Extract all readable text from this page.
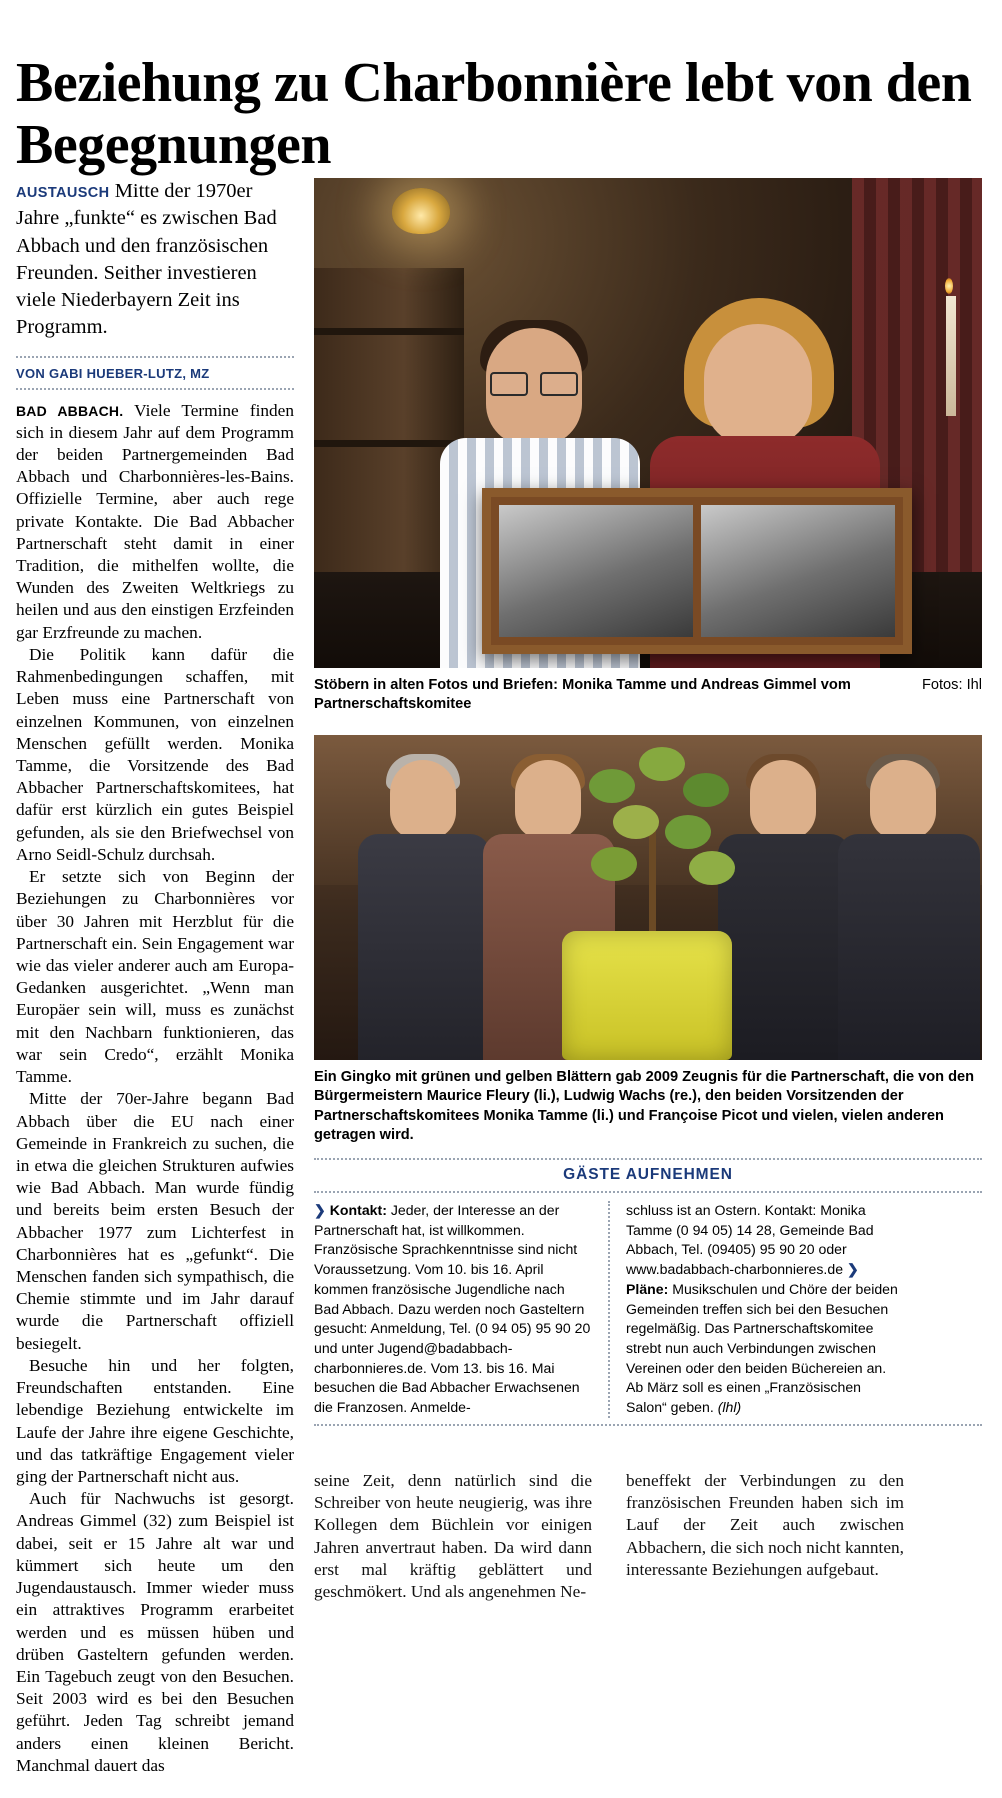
Beziehung zu Charbonnière lebt von den Begegnungen
AUSTAUSCH Mitte der 1970er Jahre „funkte“ es zwischen Bad Abbach und den französischen Freunden. Seither investieren viele Niederbayern Zeit ins Programm.
VON GABI HUEBER-LUTZ, MZ

BAD ABBACH. Viele Termine finden sich in diesem Jahr auf dem Programm der beiden Partnergemeinden Bad Abbach und Charbonnières-les-Bains. Offizielle Termine, aber auch rege private Kontakte. Die Bad Abbacher Partnerschaft steht damit in einer Tradition, die mithelfen wollte, die Wunden des Zweiten Weltkriegs zu heilen und aus den einstigen Erzfeinden gar Erzfreunde zu machen.

Die Politik kann dafür die Rahmenbedingungen schaffen, mit Leben muss eine Partnerschaft von einzelnen Kommunen, von einzelnen Menschen gefüllt werden. Monika Tamme, die Vorsitzende des Bad Abbacher Partnerschaftskomitees, hat dafür erst kürzlich ein gutes Beispiel gefunden, als sie den Briefwechsel von Arno Seidl-Schulz durchsah.

Er setzte sich von Beginn der Beziehungen zu Charbonnières vor über 30 Jahren mit Herzblut für die Partnerschaft ein. Sein Engagement war wie das vieler anderer auch am Europa-Gedanken ausgerichtet. „Wenn man Europäer sein will, muss es zunächst mit den Nachbarn funktionieren, das war sein Credo“, erzählt Monika Tamme.

Mitte der 70er-Jahre begann Bad Abbach über die EU nach einer Gemeinde in Frankreich zu suchen, die in etwa die gleichen Strukturen aufwies wie Bad Abbach. Man wurde fündig und bereits beim ersten Besuch der Abbacher 1977 zum Lichterfest in Charbonnières hat es „gefunkt“. Die Menschen fanden sich sympathisch, die Chemie stimmte und im Jahr darauf wurde die Partnerschaft offiziell besiegelt.

Besuche hin und her folgten, Freundschaften entstanden. Eine lebendige Beziehung entwickelte im Laufe der Jahre ihre eigene Geschichte, und das tatkräftige Engagement vieler ging der Partnerschaft nicht aus.

Auch für Nachwuchs ist gesorgt. Andreas Gimmel (32) zum Beispiel ist dabei, seit er 15 Jahre alt war und kümmert sich heute um den Jugendaustausch. Immer wieder muss ein attraktives Programm erarbeitet werden und es müssen hüben und drüben Gasteltern gefunden werden. Ein Tagebuch zeugt von den Besuchen. Seit 2003 wird es bei den Besuchen geführt. Jeden Tag schreibt jemand anders einen kleinen Bericht. Manchmal dauert das

Fotos: Ihl
Stöbern in alten Fotos und Briefen: Monika Tamme und Andreas Gimmel vom Partnerschaftskomitee
Ein Gingko mit grünen und gelben Blättern gab 2009 Zeugnis für die Partnerschaft, die von den Bürgermeistern Maurice Fleury (li.), Ludwig Wachs (re.), den beiden Vorsitzenden der Partnerschaftskomitees Monika Tamme (li.) und Françoise Picot und vielen, vielen anderen getragen wird.
GÄSTE AUFNEHMEN
❯ Kontakt: Jeder, der Interesse an der Partnerschaft hat, ist willkommen. Französische Sprachkenntnisse sind nicht Voraussetzung. Vom 10. bis 16. April kommen französische Jugendliche nach Bad Abbach. Dazu werden noch Gasteltern gesucht: Anmeldung, Tel. (0 94 05) 95 90 20 und unter Jugend@badabbach-charbonnieres.de. Vom 13. bis 16. Mai besuchen die Bad Abbacher Erwachsenen die Franzosen. Anmelde-
schluss ist an Ostern. Kontakt: Monika Tamme (0 94 05) 14 28, Gemeinde Bad Abbach, Tel. (09405) 95 90 20 oder www.badabbach-charbonnieres.de ❯ Pläne: Musikschulen und Chöre der beiden Gemeinden treffen sich bei den Besuchen regelmäßig. Das Partnerschaftskomitee strebt nun auch Verbindungen zwischen Vereinen oder den beiden Büchereien an. Ab März soll es einen „Französischen Salon“ geben. (lhl)

seine Zeit, denn natürlich sind die Schreiber von heute neugierig, was ihre Kollegen dem Büchlein vor einigen Jahren anvertraut haben. Da wird dann erst mal kräftig geblättert und geschmökert. Und als angenehmen Ne-

beneffekt der Verbindungen zu den französischen Freunden haben sich im Lauf der Zeit auch zwischen Abbachern, die sich noch nicht kannten, interessante Beziehungen aufgebaut.
